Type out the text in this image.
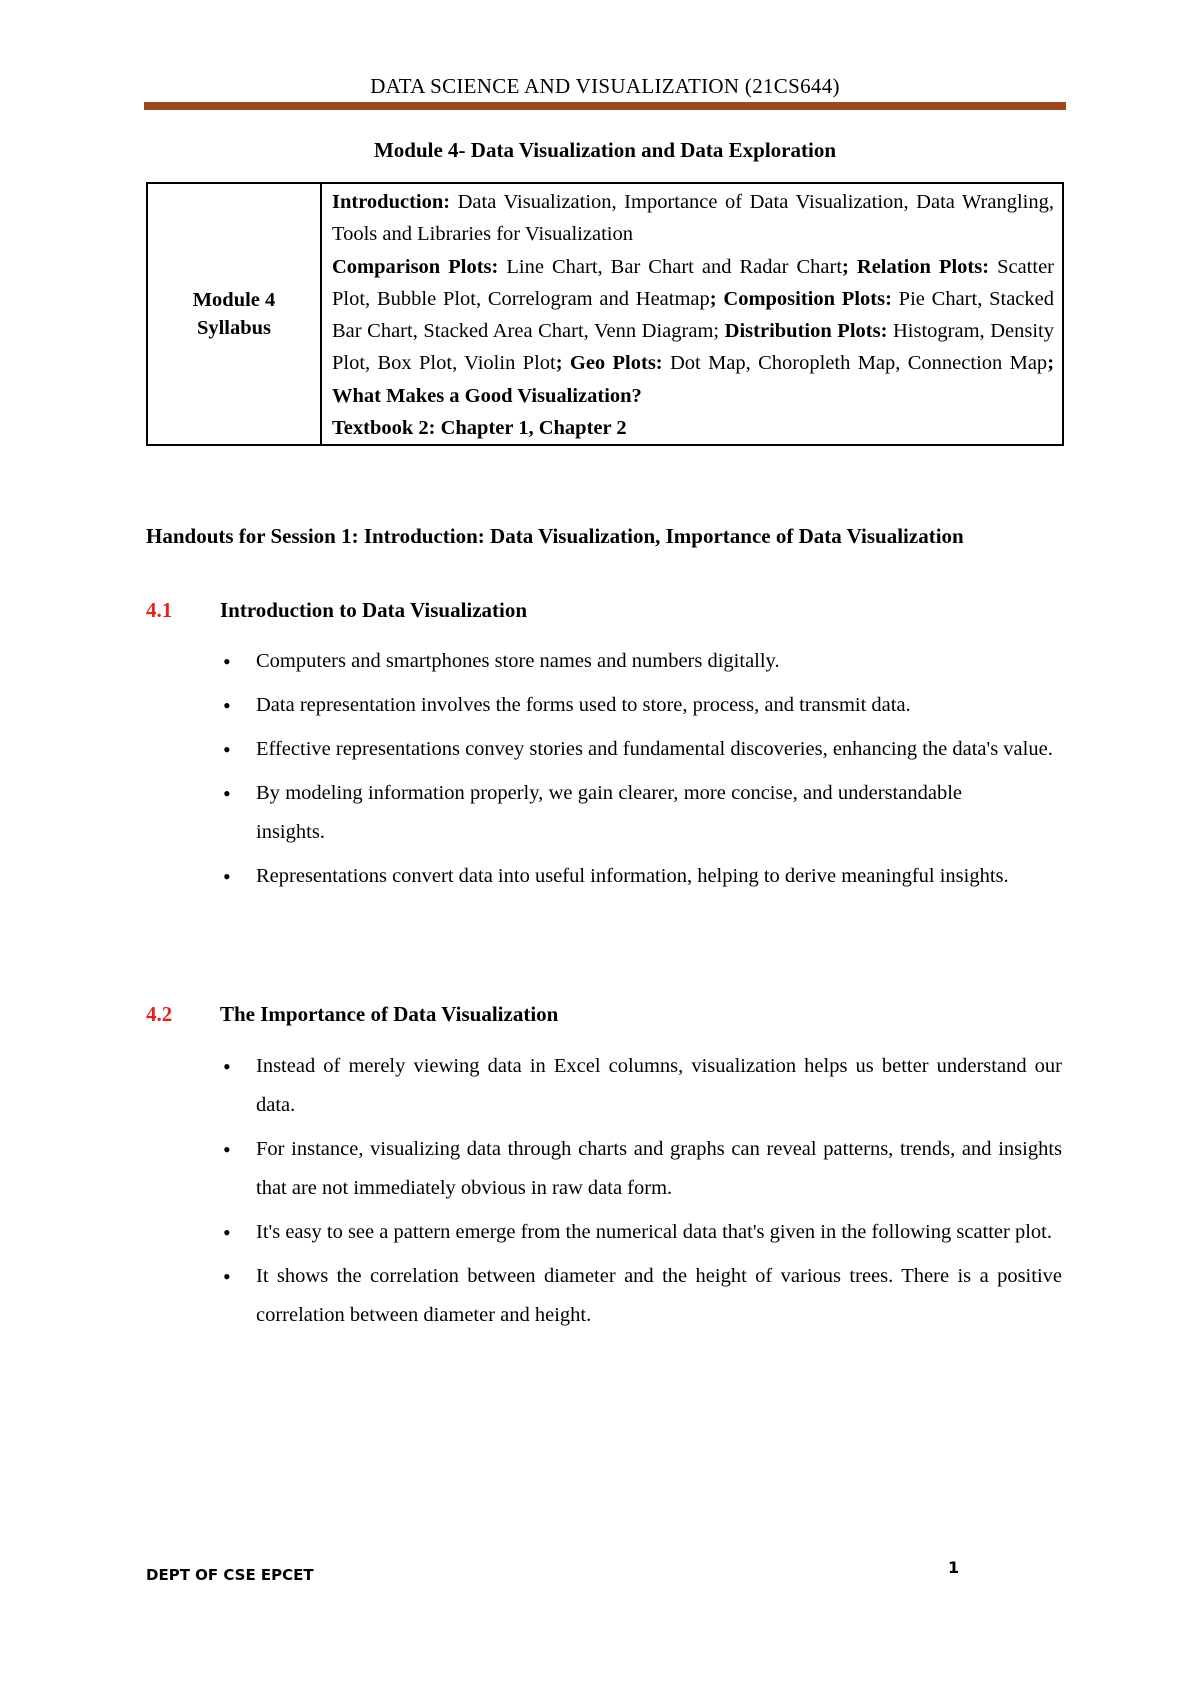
DATA SCIENCE AND VISUALIZATION (21CS644)
Module 4- Data Visualization and Data Exploration
Module 4
Syllabus
	Introduction: Data Visualization, Importance of Data Visualization, Data Wrangling, Tools and Libraries for Visualization
Comparison Plots: Line Chart, Bar Chart and Radar Chart; Relation Plots: Scatter Plot, Bubble Plot, Correlogram and Heatmap; Composition Plots: Pie Chart, Stacked Bar Chart, Stacked Area Chart, Venn Diagram; Distribution Plots: Histogram, Density Plot, Box Plot, Violin Plot; Geo Plots: Dot Map, Choropleth Map, Connection Map; What Makes a Good Visualization?
Textbook 2: Chapter 1, Chapter 2
Handouts for Session 1: Introduction: Data Visualization, Importance of Data Visualization
4.1 Introduction to Data Visualization
• Computers and smartphones store names and numbers digitally.
• Data representation involves the forms used to store, process, and transmit data.
• Effective representations convey stories and fundamental discoveries, enhancing the data's value.
• By modeling information properly, we gain clearer, more concise, and understandable insights.
• Representations convert data into useful information, helping to derive meaningful insights.
4.2 The Importance of Data Visualization
• Instead of merely viewing data in Excel columns, visualization helps us better understand our data.
• For instance, visualizing data through charts and graphs can reveal patterns, trends, and insights that are not immediately obvious in raw data form.
• It's easy to see a pattern emerge from the numerical data that's given in the following scatter plot.
• It shows the correlation between diameter and the height of various trees. There is a positive correlation between diameter and height.
DEPT OF CSE EPCET	1
